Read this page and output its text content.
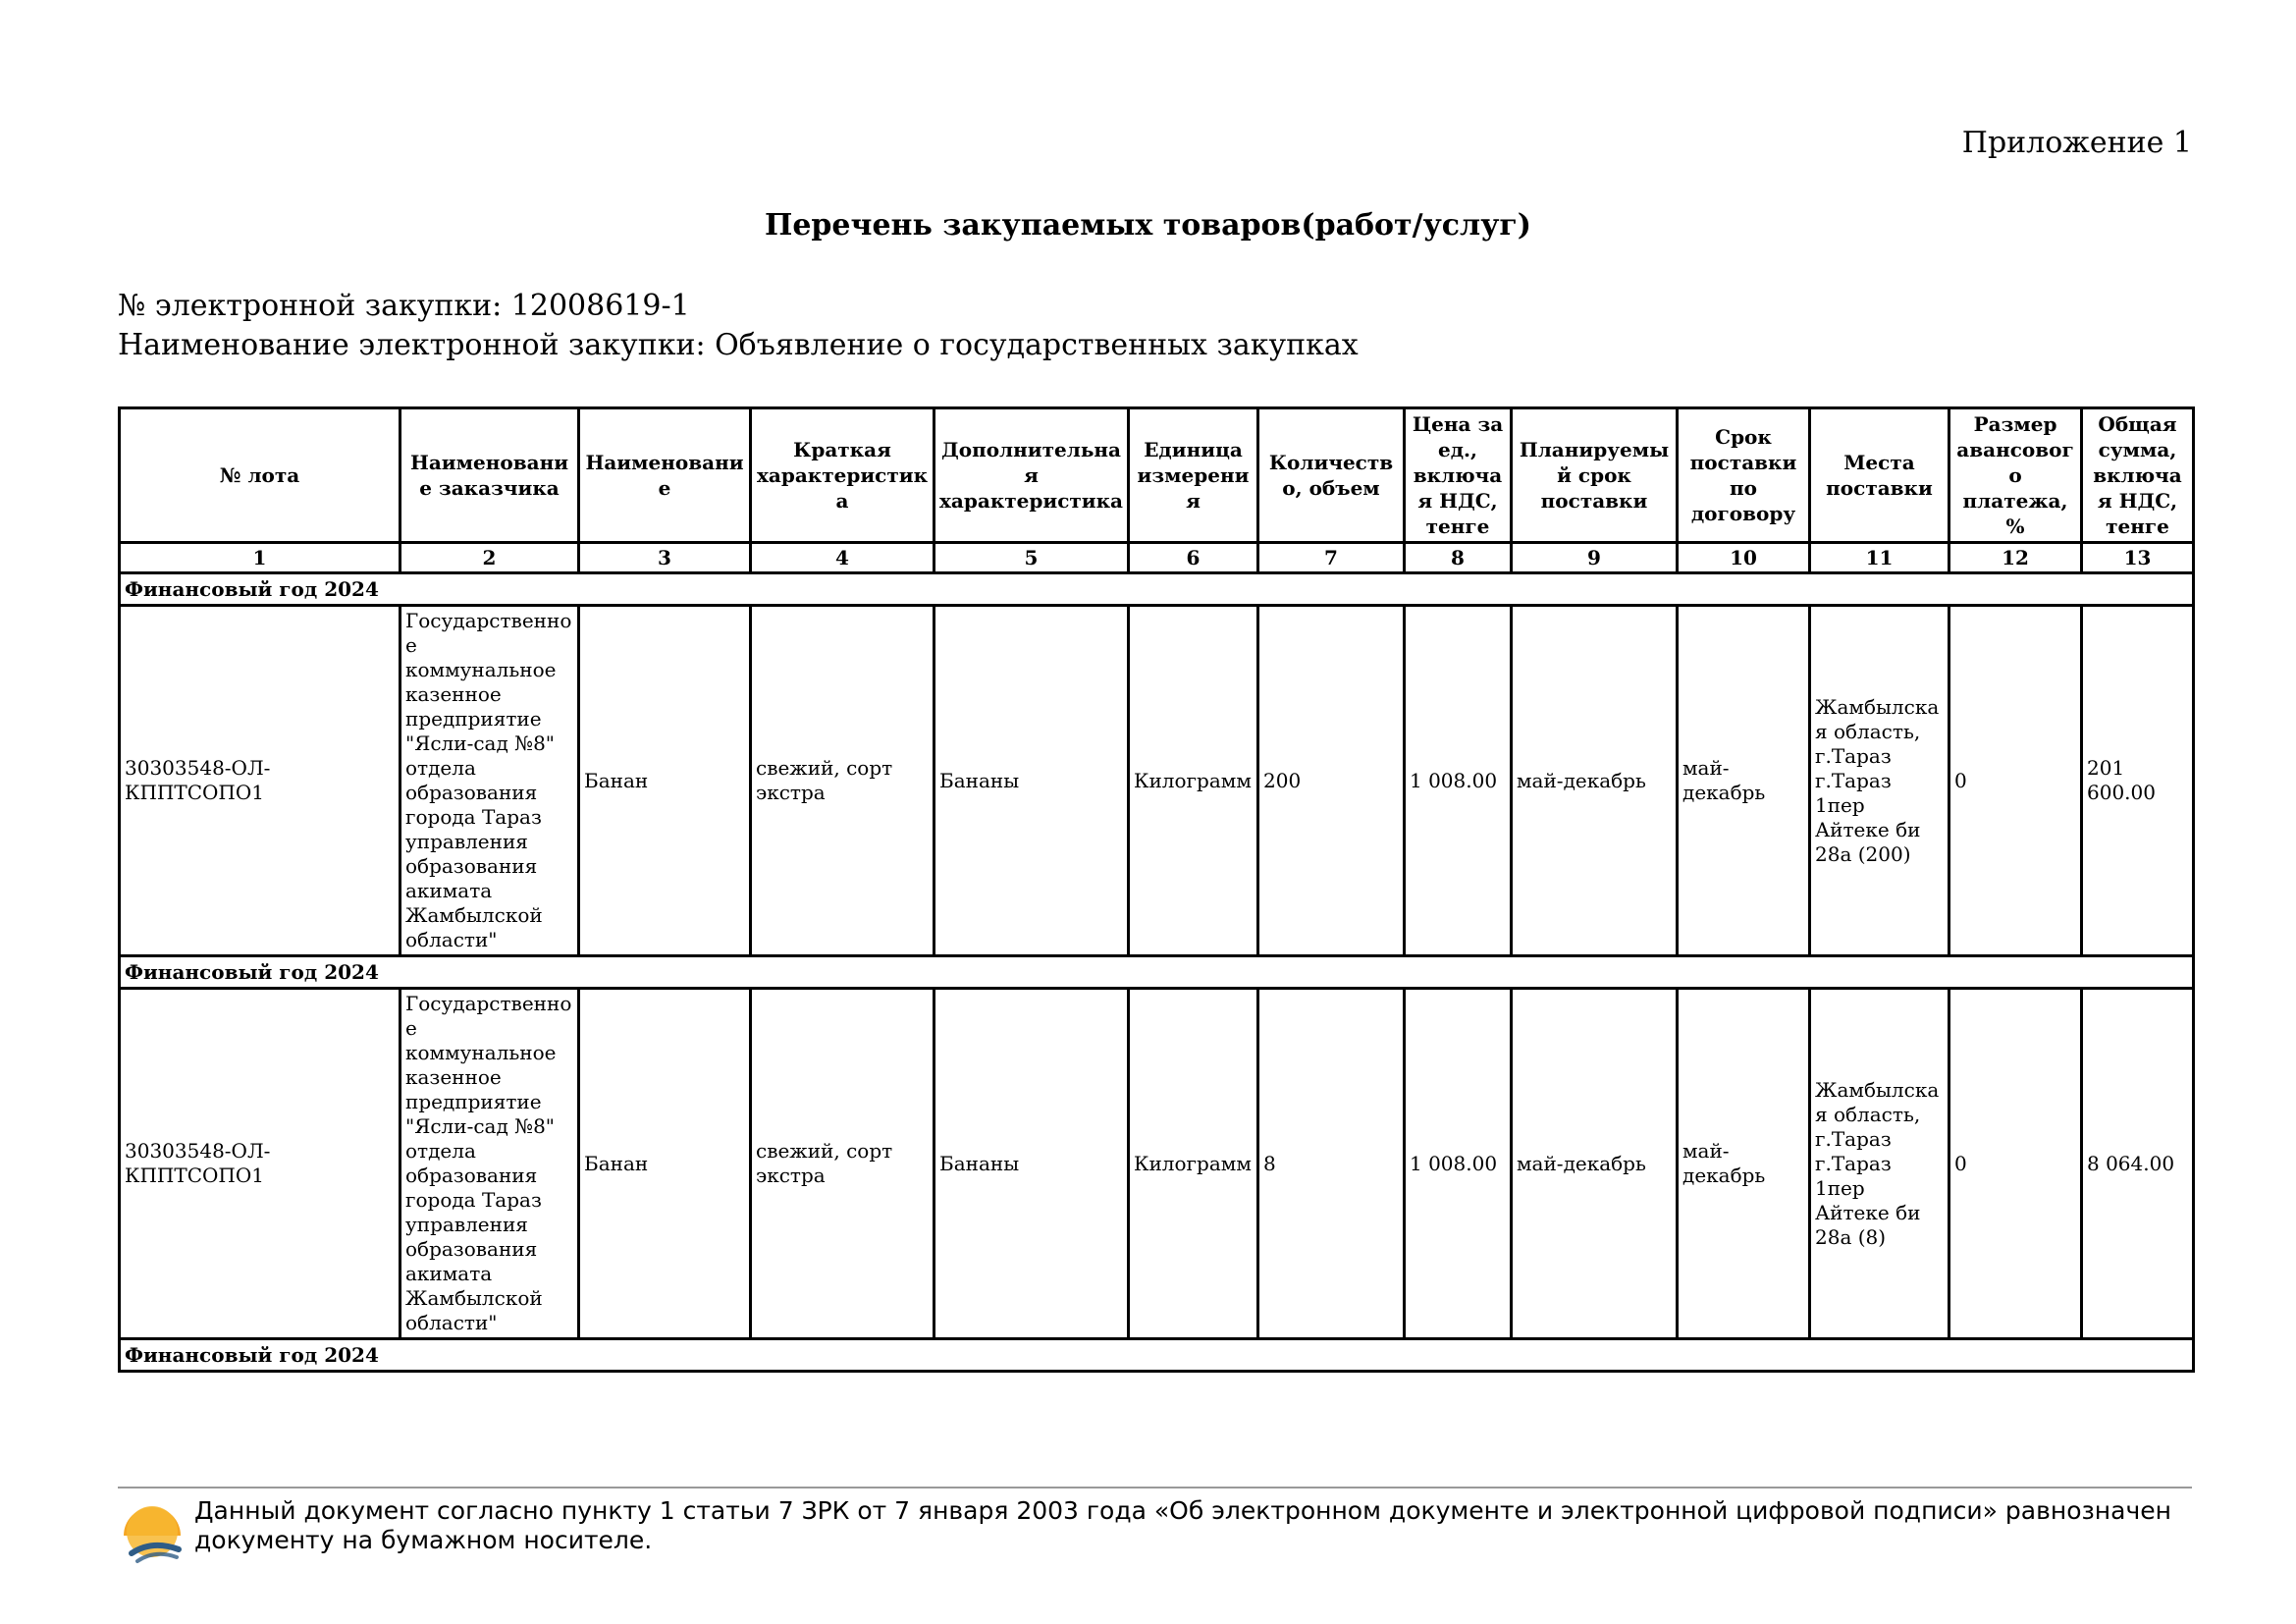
Приложение 1
Перечень закупаемых товаров(работ/услуг)
№ электронной закупки: 12008619-1
Наименование электронной закупки: Объявление о государственных закупках
№ лота	Наименование заказчика	Наименование	Краткая характеристика	Дополнительная характеристика	Единица измерения	Количество, объем	Цена за ед., включая НДС, тенге	Планируемый срок поставки	Срок поставки по договору	Места поставки	Размер авансового платежа, %	Общая сумма, включая НДС, тенге
1	2	3	4	5	6	7	8	9	10	11	12	13
Финансовый год 2024												
30303548-ОЛ-КППТСОПО1	Государственное коммунальное казенное предприятие "Ясли-сад №8" отдела образования города Тараз управления образования акимата Жамбылской области"	Банан	свежий, сорт экстра	Бананы	Килограмм	200	1 008.00	май-декабрь	май-декабрь	Жамбылская область, г.Тараз г.Тараз 1пер Айтеке би 28а (200)	0	201 600.00
Финансовый год 2024												
30303548-ОЛ-КППТСОПО1	Государственное коммунальное казенное предприятие "Ясли-сад №8" отдела образования города Тараз управления образования акимата Жамбылской области"	Банан	свежий, сорт экстра	Бананы	Килограмм	8	1 008.00	май-декабрь	май-декабрь	Жамбылская область, г.Тараз г.Тараз 1пер Айтеке би 28а (8)	0	8 064.00
Финансовый год 2024												
Данный документ согласно пункту 1 статьи 7 ЗРК от 7 января 2003 года «Об электронном документе и электронной цифровой подписи» равнозначен документу на бумажном носителе.
